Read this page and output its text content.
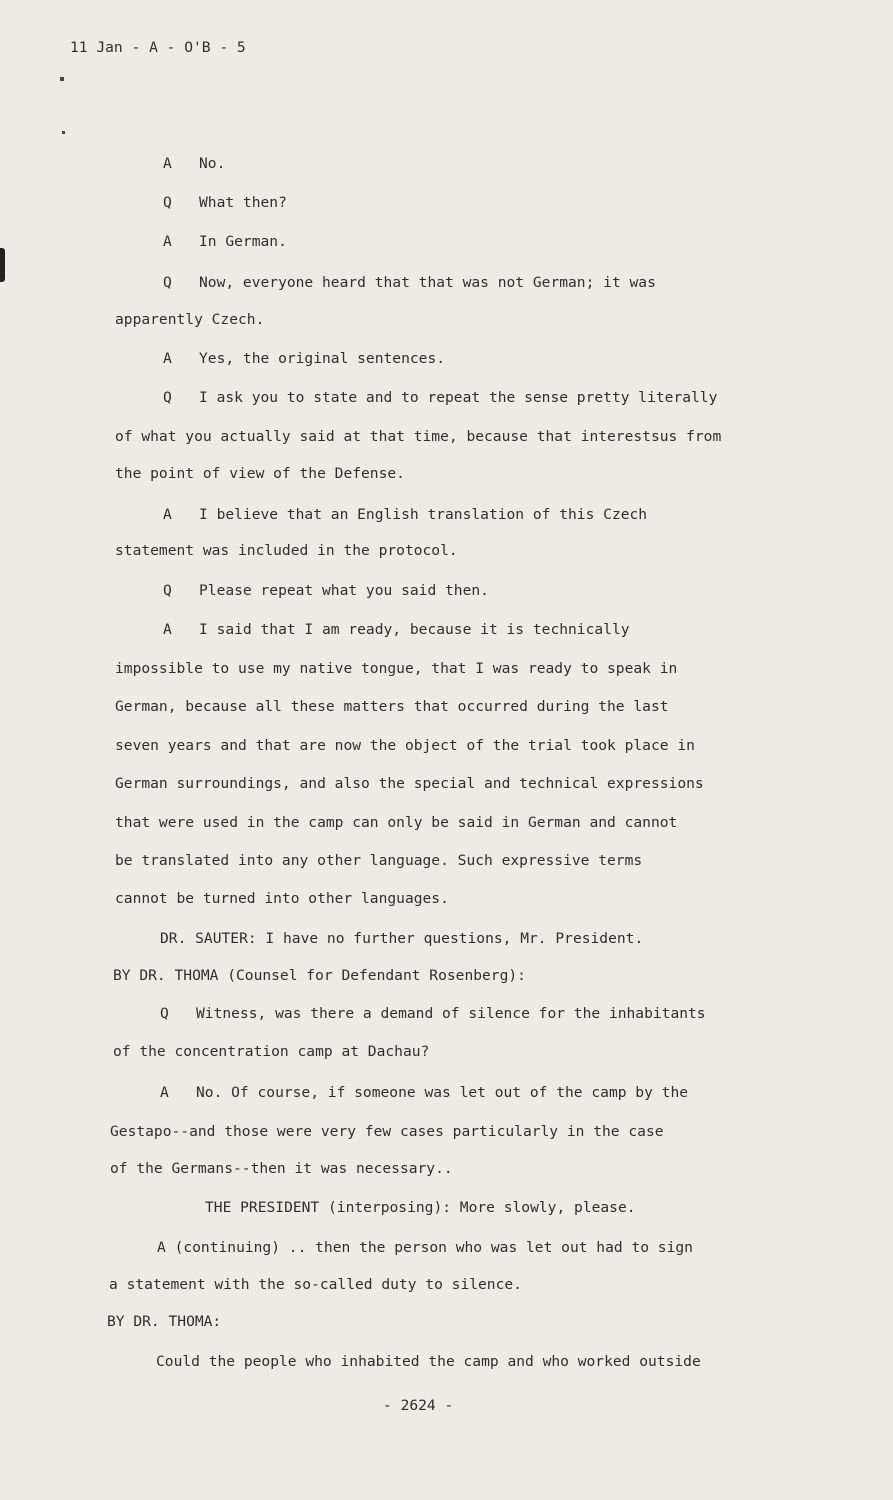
11 Jan - A - O'B - 5
A No.
Q What then?
A In German.
Q Now, everyone heard that that was not German; it was
apparently Czech.
A Yes, the original sentences.
Q I ask you to state and to repeat the sense pretty literally
of what you actually said at that time, because that interestsus from
the point of view of the Defense.
A I believe that an English translation of this Czech
statement was included in the protocol.
Q Please repeat what you said then.
A I said that I am ready, because it is technically
impossible to use my native tongue, that I was ready to speak in
German, because all these matters that occurred during the last
seven years and that are now the object of the trial took place in
German surroundings, and also the special and technical expressions
that were used in the camp can only be said in German and cannot
be translated into any other language. Such expressive terms
cannot be turned into other languages.
DR. SAUTER: I have no further questions, Mr. President.
BY DR. THOMA (Counsel for Defendant Rosenberg):
Q Witness, was there a demand of silence for the inhabitants
of the concentration camp at Dachau?
A No. Of course, if someone was let out of the camp by the
Gestapo--and those were very few cases particularly in the case
of the Germans--then it was necessary..
THE PRESIDENT (interposing): More slowly, please.
A (continuing) .. then the person who was let out had to sign
a statement with the so-called duty to silence.
BY DR. THOMA:
Could the people who inhabited the camp and who worked outside
- 2624 -
